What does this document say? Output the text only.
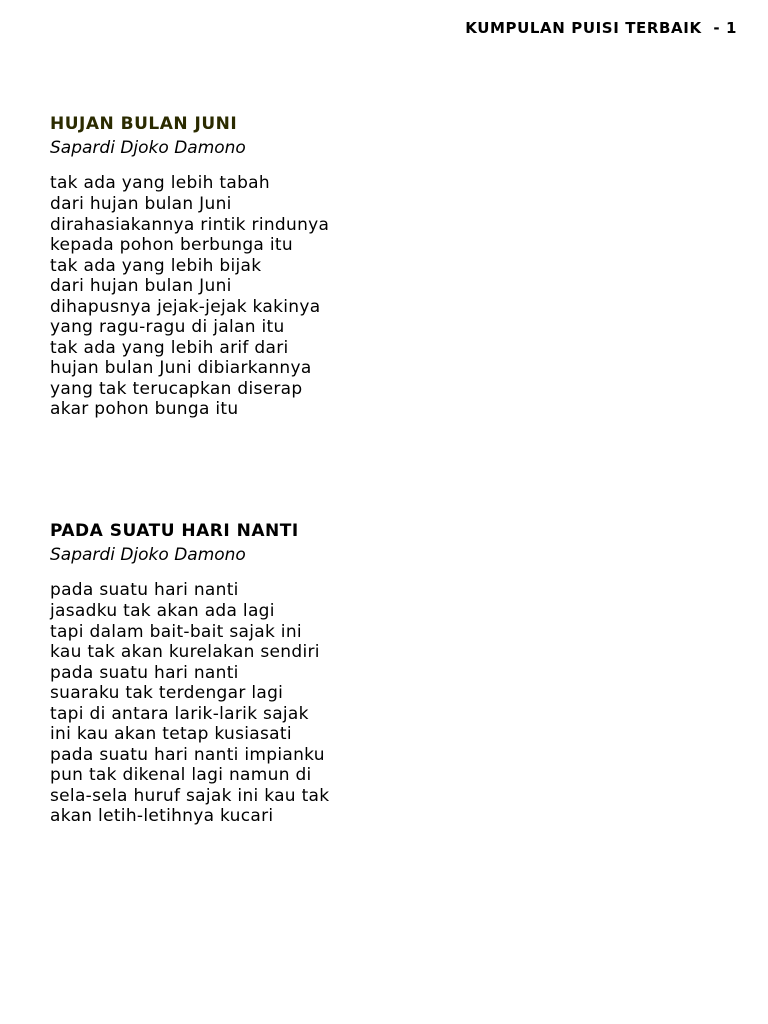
KUMPULAN PUISI TERBAIK  - 1
HUJAN BULAN JUNI

Sapardi Djoko Damono

tak ada yang lebih tabah
dari hujan bulan Juni
dirahasiakannya rintik rindunya
kepada pohon berbunga itu
tak ada yang lebih bijak
dari hujan bulan Juni
dihapusnya jejak-jejak kakinya
yang ragu-ragu di jalan itu
tak ada yang lebih arif dari
hujan bulan Juni dibiarkannya
yang tak terucapkan diserap
akar pohon bunga itu
PADA SUATU HARI NANTI

Sapardi Djoko Damono

pada suatu hari nanti
jasadku tak akan ada lagi
tapi dalam bait-bait sajak ini
kau tak akan kurelakan sendiri
pada suatu hari nanti
suaraku tak terdengar lagi
tapi di antara larik-larik sajak
ini kau akan tetap kusiasati
pada suatu hari nanti impianku
pun tak dikenal lagi namun di
sela-sela huruf sajak ini kau tak
akan letih-letihnya kucari
